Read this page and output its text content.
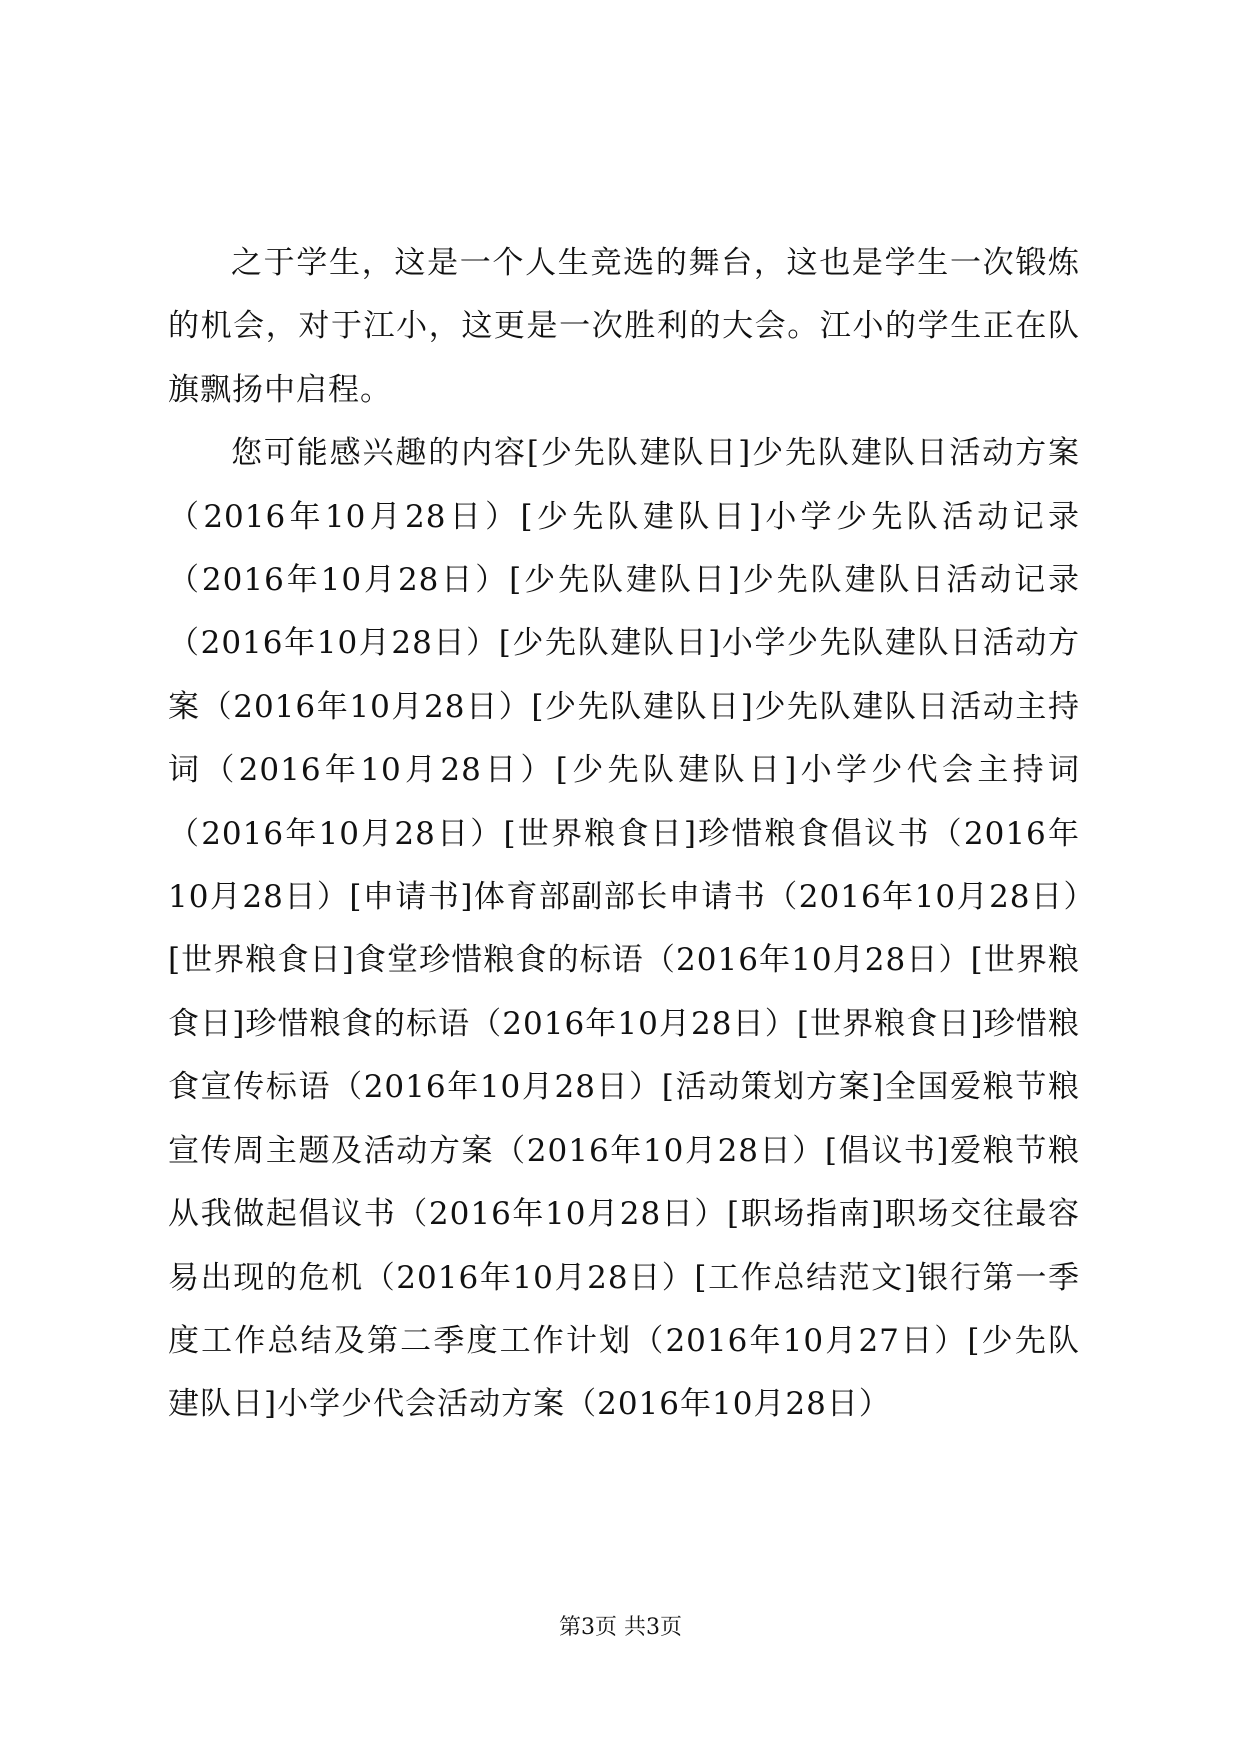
之于学生，这是一个人生竞选的舞台，这也是学生一次锻炼的机会，对于江小，这更是一次胜利的大会。江小的学生正在队旗飘扬中启程。

您可能感兴趣的内容[少先队建队日]少先队建队日活动方案（2016年10月28日）[少先队建队日]小学少先队活动记录（2016年10月28日）[少先队建队日]少先队建队日活动记录（2016年10月28日）[少先队建队日]小学少先队建队日活动方案（2016年10月28日）[少先队建队日]少先队建队日活动主持词（2016年10月28日）[少先队建队日]小学少代会主持词（2016年10月28日）[世界粮食日]珍惜粮食倡议书（2016年10月28日）[申请书]体育部副部长申请书（2016年10月28日）[世界粮食日]食堂珍惜粮食的标语（2016年10月28日）[世界粮食日]珍惜粮食的标语（2016年10月28日）[世界粮食日]珍惜粮食宣传标语（2016年10月28日）[活动策划方案]全国爱粮节粮宣传周主题及活动方案（2016年10月28日）[倡议书]爱粮节粮从我做起倡议书（2016年10月28日）[职场指南]职场交往最容易出现的危机（2016年10月28日）[工作总结范文]银行第一季度工作总结及第二季度工作计划（2016年10月27日）[少先队建队日]小学少代会活动方案（2016年10月28日）

第3页 共3页
